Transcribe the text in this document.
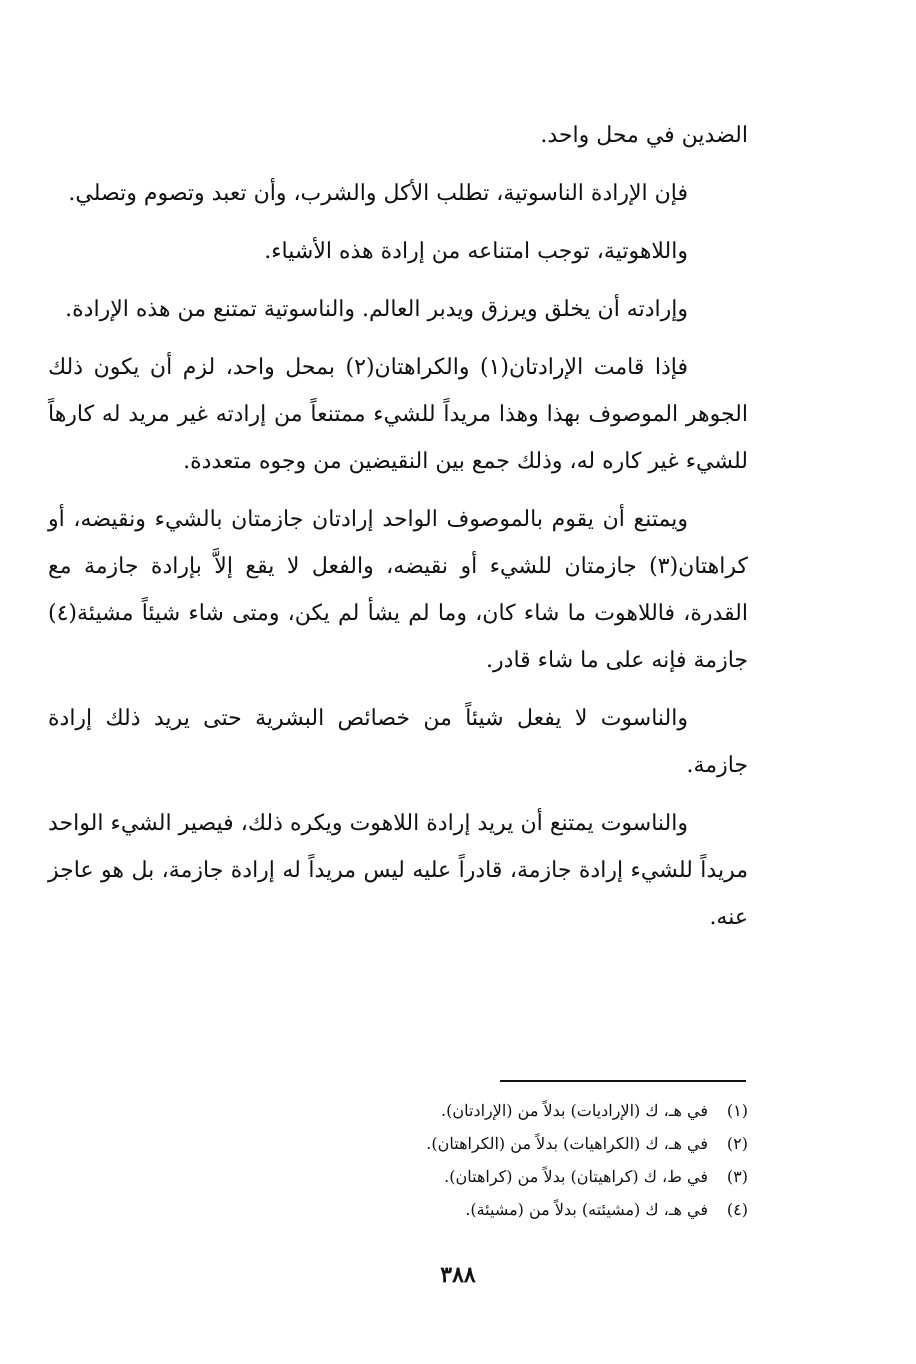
الضدين في محل واحد.

فإن الإرادة الناسوتية، تطلب الأكل والشرب، وأن تعبد وتصوم وتصلي.

واللاهوتية، توجب امتناعه من إرادة هذه الأشياء.

وإرادته أن يخلق ويرزق ويدبر العالم. والناسوتية تمتنع من هذه الإرادة.

فإذا قامت الإرادتان(١) والكراهتان(٢) بمحل واحد، لزم أن يكون ذلك الجوهر الموصوف بهذا وهذا مريداً للشيء ممتنعاً من إرادته غير مريد له كارهاً للشيء غير كاره له، وذلك جمع بين النقيضين من وجوه متعددة.

ويمتنع أن يقوم بالموصوف الواحد إرادتان جازمتان بالشيء ونقيضه، أو كراهتان(٣) جازمتان للشيء أو نقيضه، والفعل لا يقع إلاَّ بإرادة جازمة مع القدرة، فاللاهوت ما شاء كان، وما لم يشأ لم يكن، ومتى شاء شيئاً مشيئة(٤) جازمة فإنه على ما شاء قادر.

والناسوت لا يفعل شيئاً من خصائص البشرية حتى يريد ذلك إرادة جازمة.

والناسوت يمتنع أن يريد إرادة اللاهوت ويكره ذلك، فيصير الشيء الواحد مريداً للشيء إرادة جازمة، قادراً عليه ليس مريداً له إرادة جازمة، بل هو عاجز عنه.

(١)
في هـ، ك (الإراديات) بدلاً من (الإرادتان).
(٢)
في هـ، ك (الكراهيات) بدلاً من (الكراهتان).
(٣)
في ط، ك (كراهيتان) بدلاً من (كراهتان).
(٤)
في هـ، ك (مشيئته) بدلاً من (مشيئة).
٣٨٨
